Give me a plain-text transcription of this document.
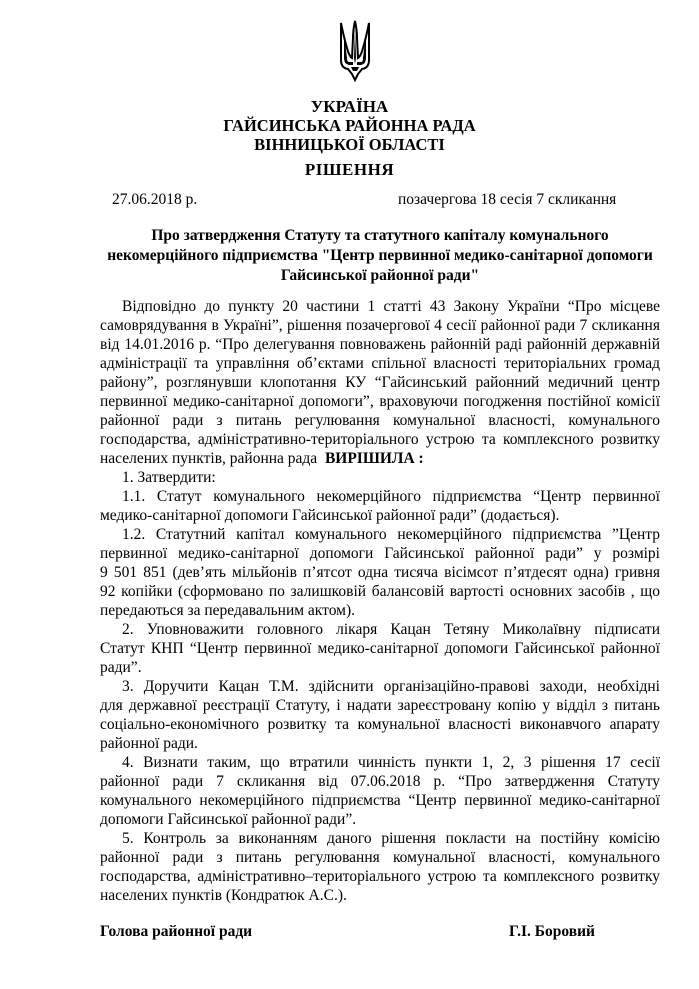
УКРАЇНА
ГАЙСИНСЬКА РАЙОННА РАДА
ВІННИЦЬКОЇ ОБЛАСТІ
РІШЕННЯ
27.06.2018 р.	позачергова 18 сесія 7 скликання
Про затвердження Статуту та статутного капіталу комунального
некомерційного підприємства "Центр первинної медико-санітарної допомоги
Гайсинської районної ради"
Відповідно до пункту 20 частини 1 статті 43 Закону України “Про місцеве
самоврядування в Україні”, рішення позачергової 4 сесії районної ради 7 скликання
від 14.01.2016 р. “Про делегування повноважень районній раді районній державній
адміністрації та управління об’єктами спільної власності територіальних громад
району”, розглянувши клопотання КУ “Гайсинський районний медичний центр
первинної медико-санітарної допомоги”, враховуючи погодження постійної комісії
районної ради з питань регулювання комунальної власності, комунального
господарства, адміністративно-територіального устрою та комплексного розвитку
населених пунктів, районна рада ВИРІШИЛА :
1. Затвердити:
1.1. Статут комунального некомерційного підприємства “Центр первинної
медико-санітарної допомоги Гайсинської районної ради” (додається).
1.2. Статутний капітал комунального некомерційного підприємства ”Центр
первинної медико-санітарної допомоги Гайсинської районної ради” у розмірі
9 501 851 (дев’ять мільйонів п’ятсот одна тисяча вісімсот п’ятдесят одна) гривня
92 копійки (сформовано по залишковій балансовій вартості основних засобів , що
передаються за передавальним актом).
2. Уповноважити головного лікаря Кацан Тетяну Миколаївну підписати
Статут КНП “Центр первинної медико-санітарної допомоги Гайсинської районної
ради”.
3. Доручити Кацан Т.М. здійснити організаційно-правові заходи, необхідні
для державної реєстрації Статуту, і надати зареєстровану копію у відділ з питань
соціально-економічного розвитку та комунальної власності виконавчого апарату
районної ради.
4. Визнати таким, що втратили чинність пункти 1, 2, 3 рішення 17 сесії
районної ради 7 скликання від 07.06.2018 р. “Про затвердження Статуту
комунального некомерційного підприємства “Центр первинної медико-санітарної
допомоги Гайсинської районної ради”.
5. Контроль за виконанням даного рішення покласти на постійну комісію
районної ради з питань регулювання комунальної власності, комунального
господарства, адміністративно–територіального устрою та комплексного розвитку
населених пунктів (Кондратюк А.С.).
Голова районної ради	Г.І. Боровий
